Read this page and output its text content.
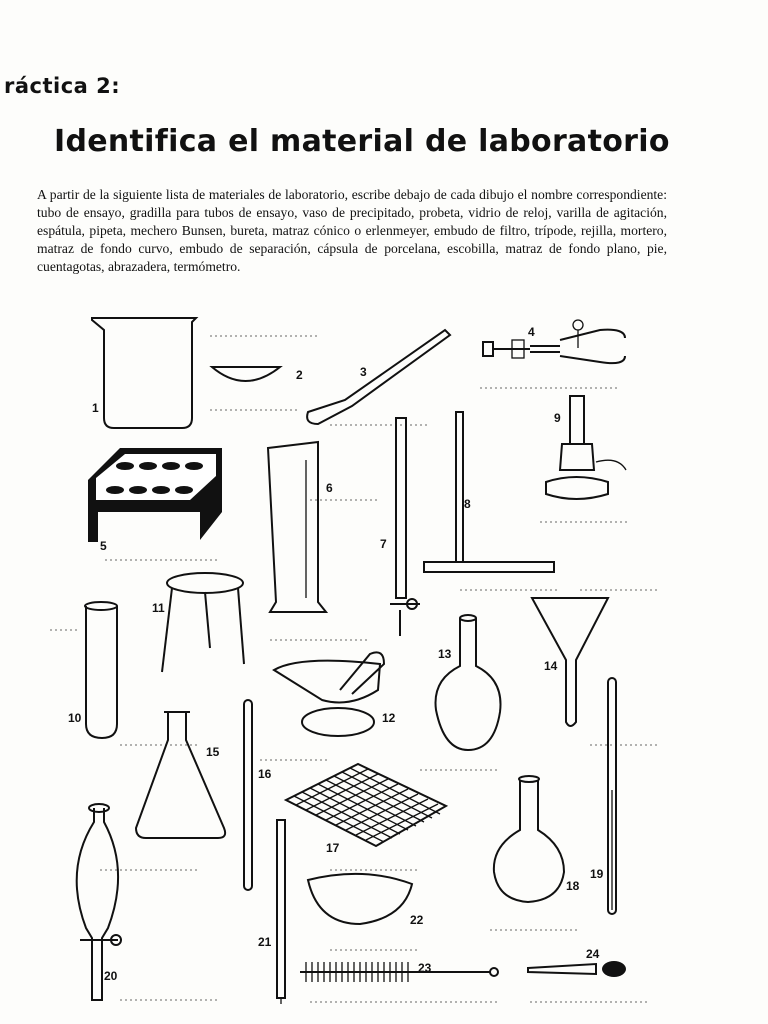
ráctica 2:
Identifica el material de laboratorio
A partir de la siguiente lista de materiales de laboratorio, escribe debajo de cada dibujo el nombre correspondiente: tubo de ensayo, gradilla para tubos de ensayo, vaso de precipitado, probeta, vidrio de reloj, varilla de agitación, espátula, pipeta, mechero Bunsen, bureta, matraz cónico o erlenmeyer, embudo de filtro, trípode, rejilla, mortero, matraz de fondo curvo, embudo de separación, cápsula de porcelana, escobilla, matraz de fondo plano, pie, cuentagotas, abrazadera, termómetro.
1
2	3
4
5
6
7
8
9
10
11
12
13
14
15
16
17
18
19
20
21
22
23
24
